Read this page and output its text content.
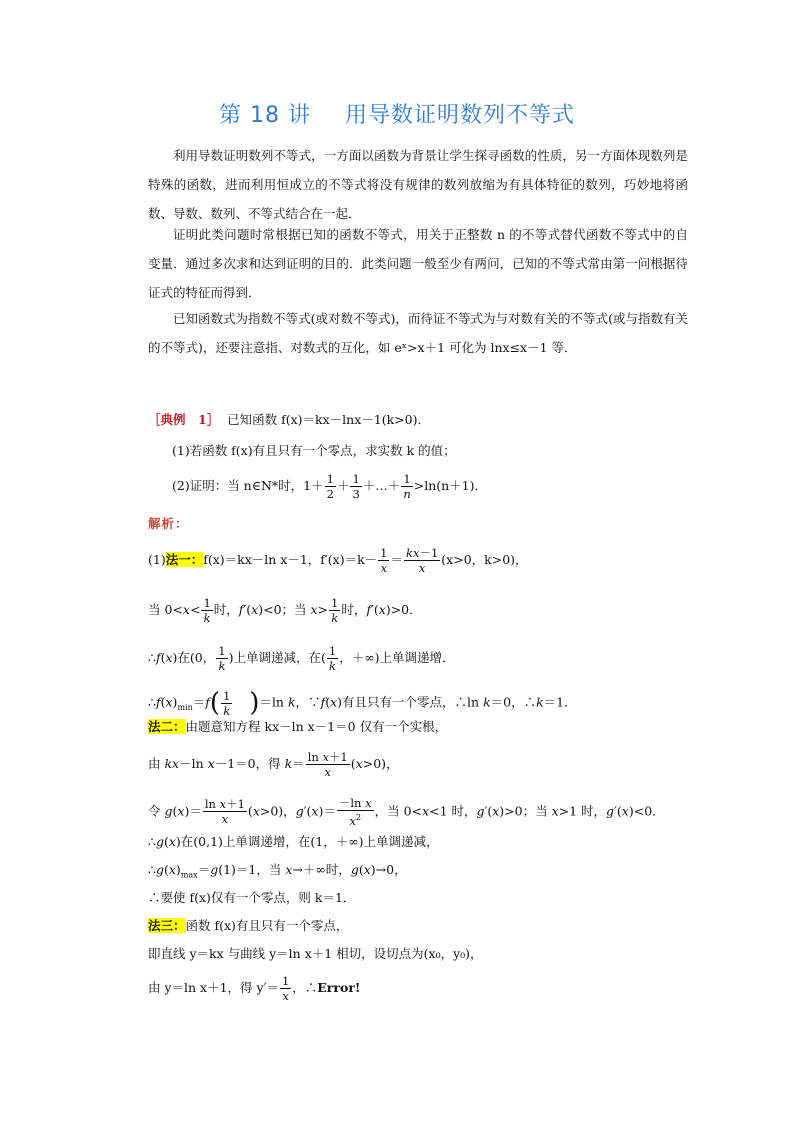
第 18 讲 用导数证明数列不等式

利用导数证明数列不等式，一方面以函数为背景让学生探寻函数的性质，另一方面体现数列是特殊的函数，进而利用恒成立的不等式将没有规律的数列放缩为有具体特征的数列，巧妙地将函数、导数、数列、不等式结合在一起．

证明此类问题时常根据已知的函数不等式，用关于正整数 n 的不等式替代函数不等式中的自变量．通过多次求和达到证明的目的．此类问题一般至少有两问，已知的不等式常由第一问根据待证式的特征而得到．

已知函数式为指数不等式(或对数不等式)，而待证不等式为与对数有关的不等式(或与指数有关的不等式)，还要注意指、对数式的互化，如 eˣ>x＋1 可化为 lnx≤x－1 等．

［典例　1］ 已知函数 f(x)＝kx－lnx－1(k>0)．
(1)若函数 f(x)有且只有一个零点，求实数 k 的值；
(2)证明：当 n∈N*时，$1+ \frac{1}{2} + \frac{1}{3}$ ＋…＋ $\frac{1}{n} >\ln(n+1)$．
解析：
(1)法一：f(x)＝kx－ln x－1，$f'(x)=k- \frac{1}{x} = \frac{kx-1}{x} (x>0$，k>0)，
当 $0<x< \frac{1}{k}$ 时，f′(x)<0；当 $x> \frac{1}{k}$ 时，f′(x)>0．
∴f(x)在(0， $\frac{1}{k}$ )上单调递减，在( $\frac{1}{k}$ ，＋∞)上单调递增．
$\therefore f(x)_{min}=f( \frac{1}{k} )=\ln$ k，∵f(x)有且只有一个零点，∴ln k＝0，∴k＝1．
法二：由题意知方程 kx－ln x－1＝0 仅有一个实根，
由 kx－ln x－1＝0，得 $k= \frac{\text{ln x＋1}}{x} (x>0)$，
令 $g(x)= \frac{\text{ln x＋1}}{x} (x>0)$，$g'(x)= \frac{\text{－ln x}}{x^2}$ ，当 0<x<1 时，g′(x)>0；当 x>1 时，g′(x)<0．
∴g(x)在(0,1)上单调递增，在(1，＋∞)上单调递减，
$\therefore g(x)_{max}=g(1)=1$，当 x→＋∞时，g(x)→0，
∴要使 f(x)仅有一个零点，则 k＝1．
法三：函数 f(x)有且只有一个零点，
即直线 y＝kx 与曲线 y＝ln x＋1 相切，设切点为(x₀，y₀)，
由 y＝ln x＋1，得 $y'= \frac{1}{x}$ ，∴Error!
